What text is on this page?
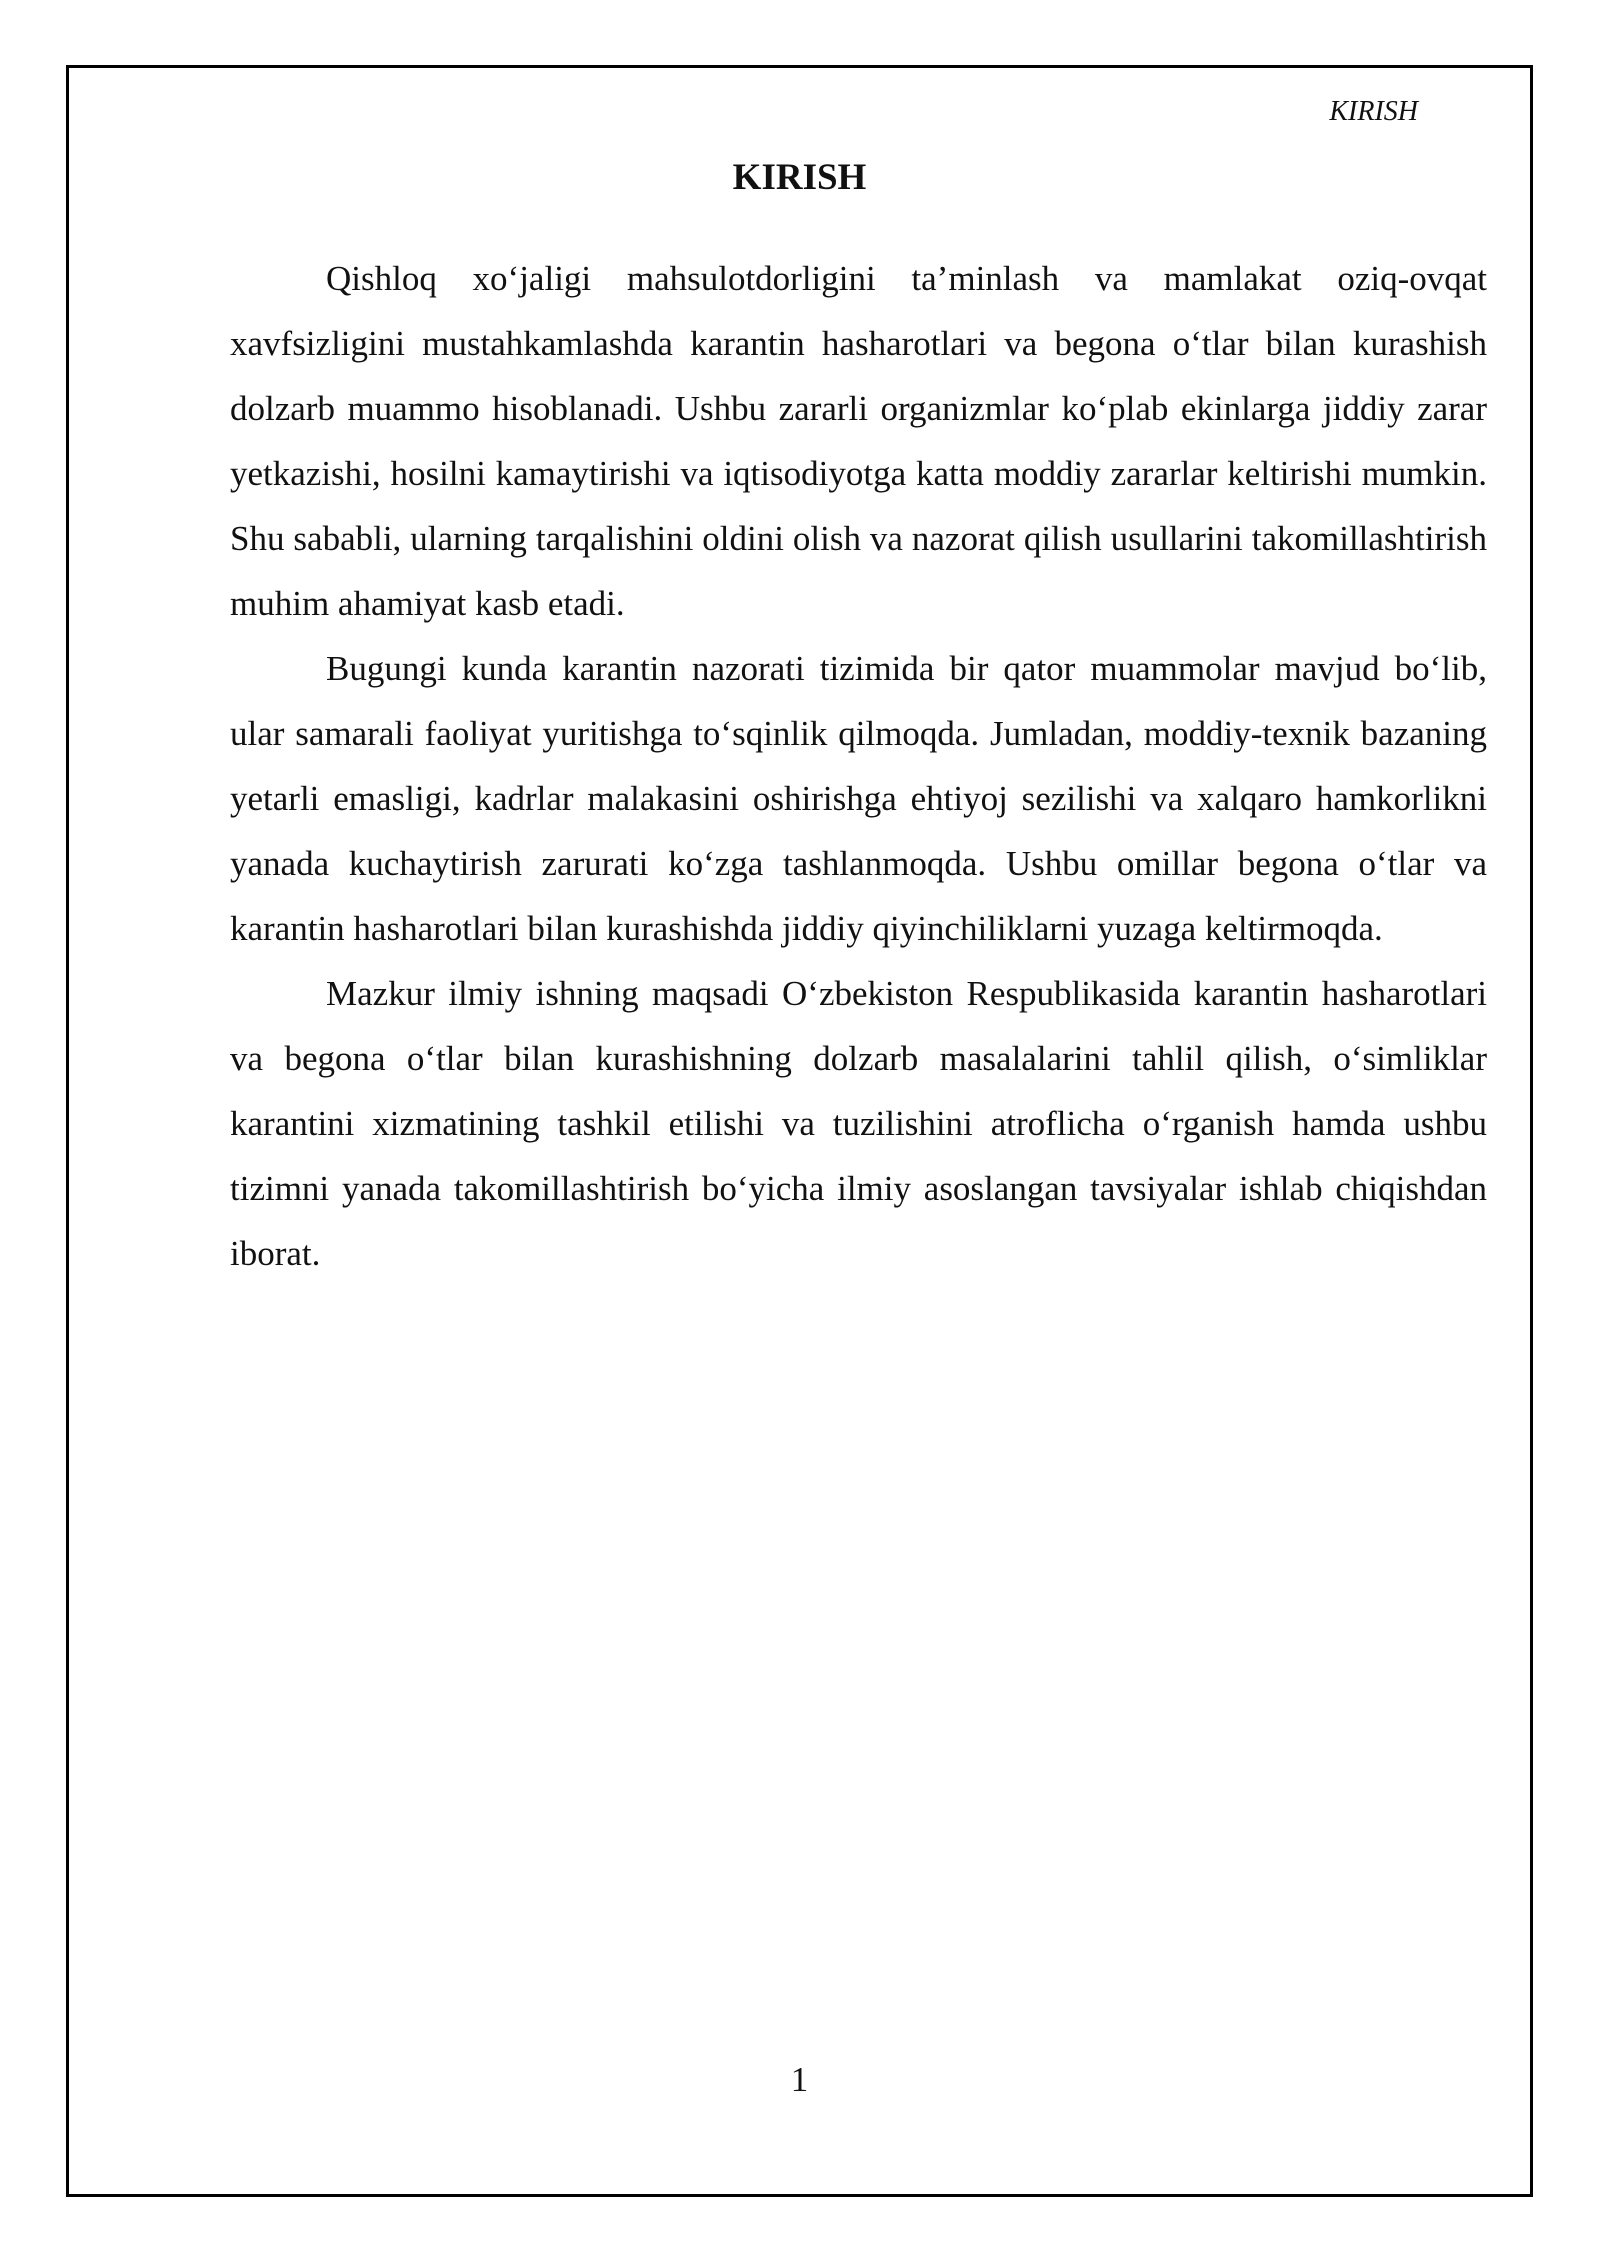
KIRISH
KIRISH

Qishloq xo‘jaligi mahsulotdorligini ta’minlash va mamlakat oziq-ovqat xavfsizligini mustahkamlashda karantin hasharotlari va begona o‘tlar bilan kurashish dolzarb muammo hisoblanadi. Ushbu zararli organizmlar ko‘plab ekinlarga jiddiy zarar yetkazishi, hosilni kamaytirishi va iqtisodiyotga katta moddiy zararlar keltirishi mumkin. Shu sababli, ularning tarqalishini oldini olish va nazorat qilish usullarini takomillashtirish muhim ahamiyat kasb etadi.

Bugungi kunda karantin nazorati tizimida bir qator muammolar mavjud bo‘lib, ular samarali faoliyat yuritishga to‘sqinlik qilmoqda. Jumladan, moddiy-texnik bazaning yetarli emasligi, kadrlar malakasini oshirishga ehtiyoj sezilishi va xalqaro hamkorlikni yanada kuchaytirish zarurati ko‘zga tashlanmoqda. Ushbu omillar begona o‘tlar va karantin hasharotlari bilan kurashishda jiddiy qiyinchiliklarni yuzaga keltirmoqda.

Mazkur ilmiy ishning maqsadi O‘zbekiston Respublikasida karantin hasharotlari va begona o‘tlar bilan kurashishning dolzarb masalalarini tahlil qilish, o‘simliklar karantini xizmatining tashkil etilishi va tuzilishini atroflicha o‘rganish hamda ushbu tizimni yanada takomillashtirish bo‘yicha ilmiy asoslangan tavsiyalar ishlab chiqishdan iborat.

1
